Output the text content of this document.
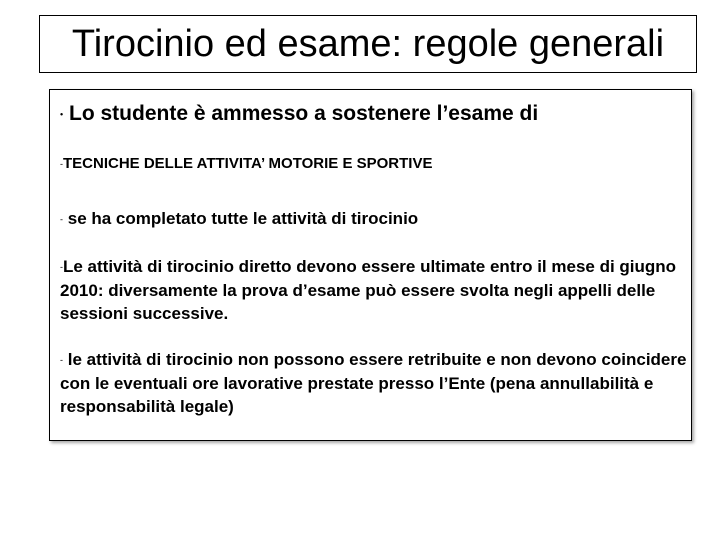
Tirocinio ed esame: regole generali

• Lo studente è ammesso a sostenere l’esame di

-TECNICHE DELLE ATTIVITA’ MOTORIE E SPORTIVE

- se ha completato tutte le attività di tirocinio

-Le attività di tirocinio diretto devono essere ultimate entro il mese di giugno 2010: diversamente la prova d’esame può essere svolta negli appelli delle sessioni successive.

- le attività di tirocinio non possono essere retribuite e non devono coincidere con le eventuali ore lavorative prestate presso l’Ente (pena annullabilità e responsabilità legale)
